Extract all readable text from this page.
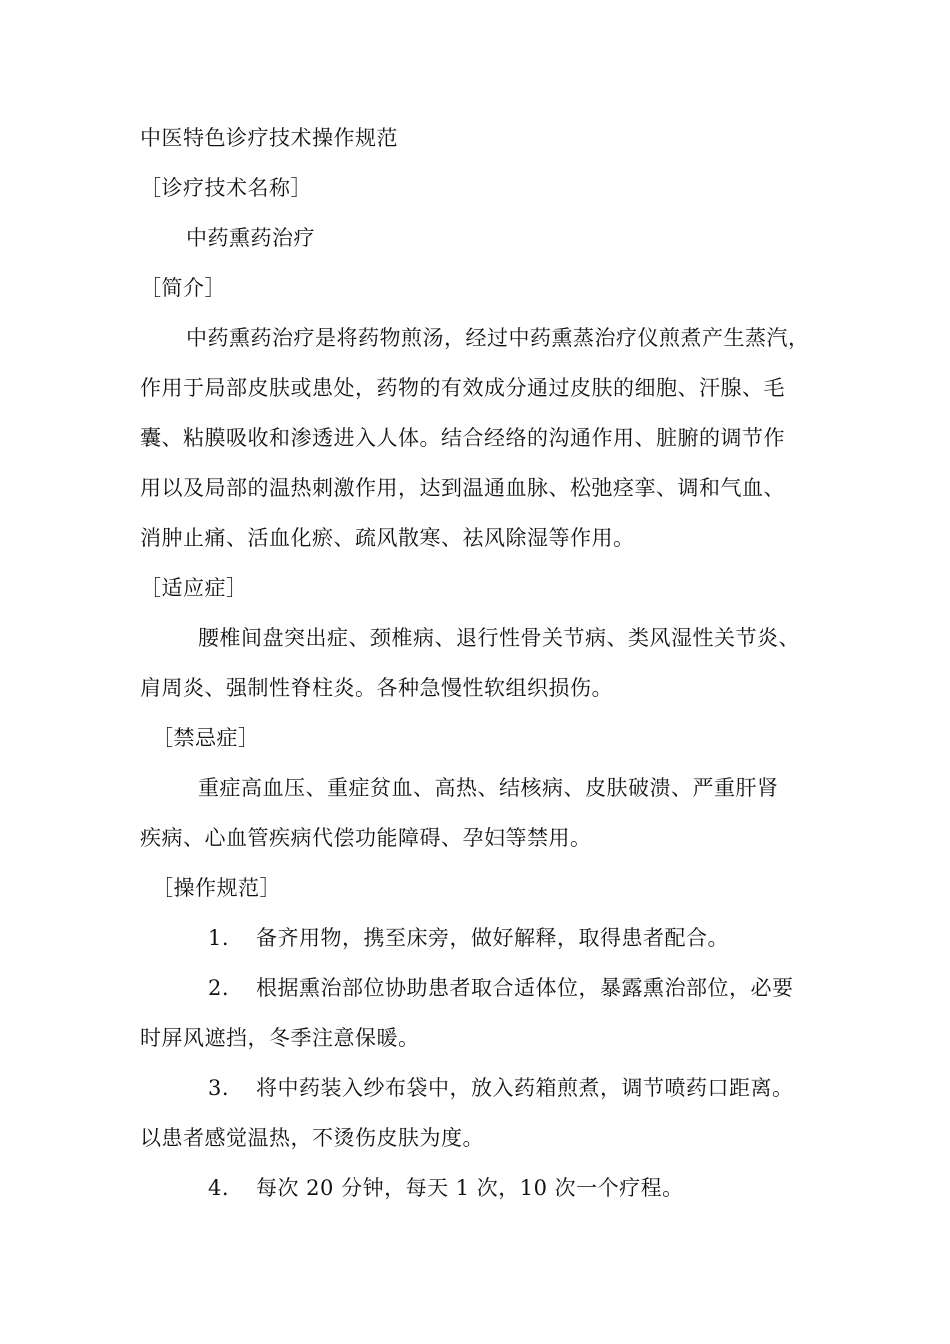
中医特色诊疗技术操作规范
［诊疗技术名称］
中药熏药治疗
［简介］
中药熏药治疗是将药物煎汤，经过中药熏蒸治疗仪煎煮产生蒸汽，
作用于局部皮肤或患处，药物的有效成分通过皮肤的细胞、汗腺、毛
囊、粘膜吸收和渗透进入人体。结合经络的沟通作用、脏腑的调节作
用以及局部的温热刺激作用，达到温通血脉、松弛痉挛、调和气血、
消肿止痛、活血化瘀、疏风散寒、祛风除湿等作用。
［适应症］
腰椎间盘突出症、颈椎病、退行性骨关节病、类风湿性关节炎、
肩周炎、强制性脊柱炎。各种急慢性软组织损伤。
［禁忌症］
重症高血压、重症贫血、高热、结核病、皮肤破溃、严重肝肾
疾病、心血管疾病代偿功能障碍、孕妇等禁用。
［操作规范］
1. 备齐用物，携至床旁，做好解释，取得患者配合。
2. 根据熏治部位协助患者取合适体位，暴露熏治部位，必要
时屏风遮挡，冬季注意保暖。
3. 将中药装入纱布袋中，放入药箱煎煮，调节喷药口距离。
以患者感觉温热，不烫伤皮肤为度。
4. 每次 20 分钟，每天 1 次，10 次一个疗程。
